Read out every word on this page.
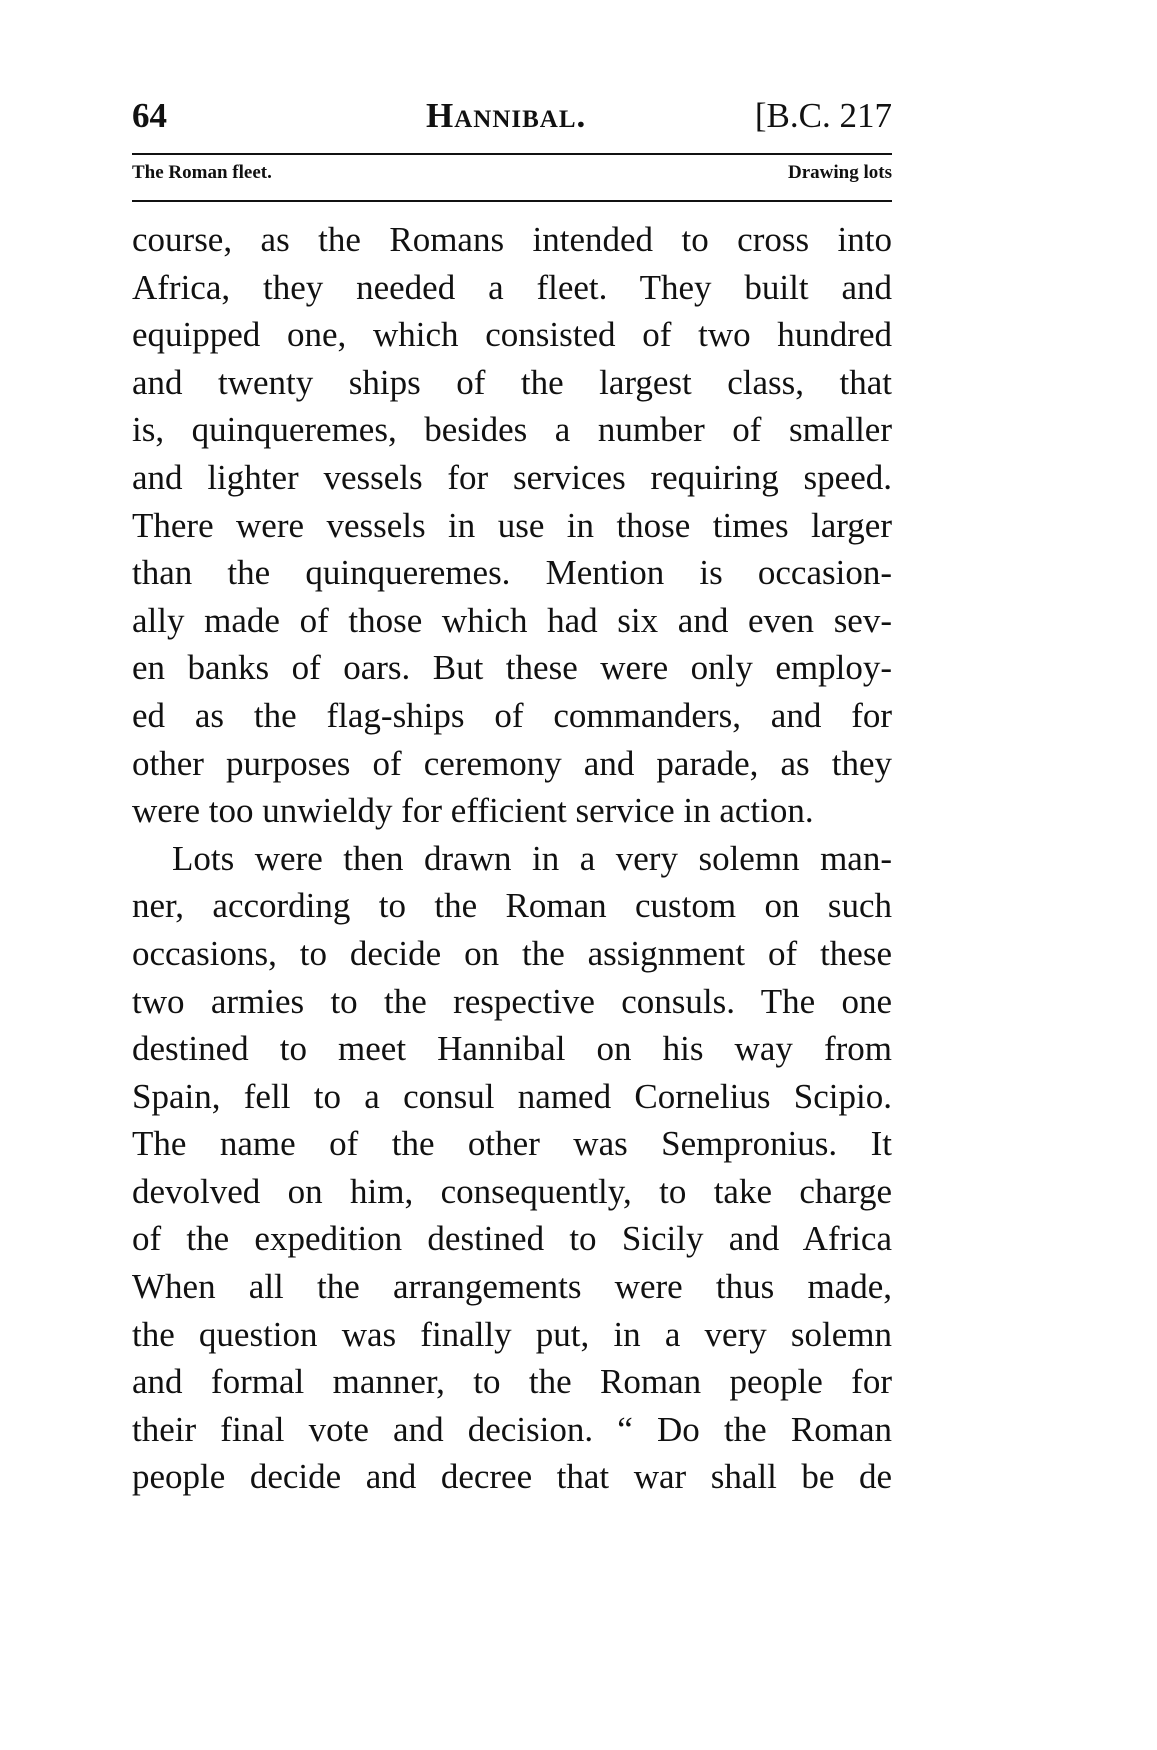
64	Hannibal.	[B.C. 217
The Roman fleet.	Drawing lots
course, as the Romans intended to cross into
Africa, they needed a fleet. They built and
equipped one, which consisted of two hundred
and twenty ships of the largest class, that
is, quinqueremes, besides a number of smaller
and lighter vessels for services requiring speed.
There were vessels in use in those times larger
than the quinqueremes. Mention is occasion-
ally made of those which had six and even sev-
en banks of oars. But these were only employ-
ed as the flag-ships of commanders, and for
other purposes of ceremony and parade, as they
were too unwieldy for efficient service in action.
Lots were then drawn in a very solemn man-
ner, according to the Roman custom on such
occasions, to decide on the assignment of these
two armies to the respective consuls. The one
destined to meet Hannibal on his way from
Spain, fell to a consul named Cornelius Scipio.
The name of the other was Sempronius. It
devolved on him, consequently, to take charge
of the expedition destined to Sicily and Africa
When all the arrangements were thus made,
the question was finally put, in a very solemn
and formal manner, to the Roman people for
their final vote and decision. “ Do the Roman
people decide and decree that war shall be de
